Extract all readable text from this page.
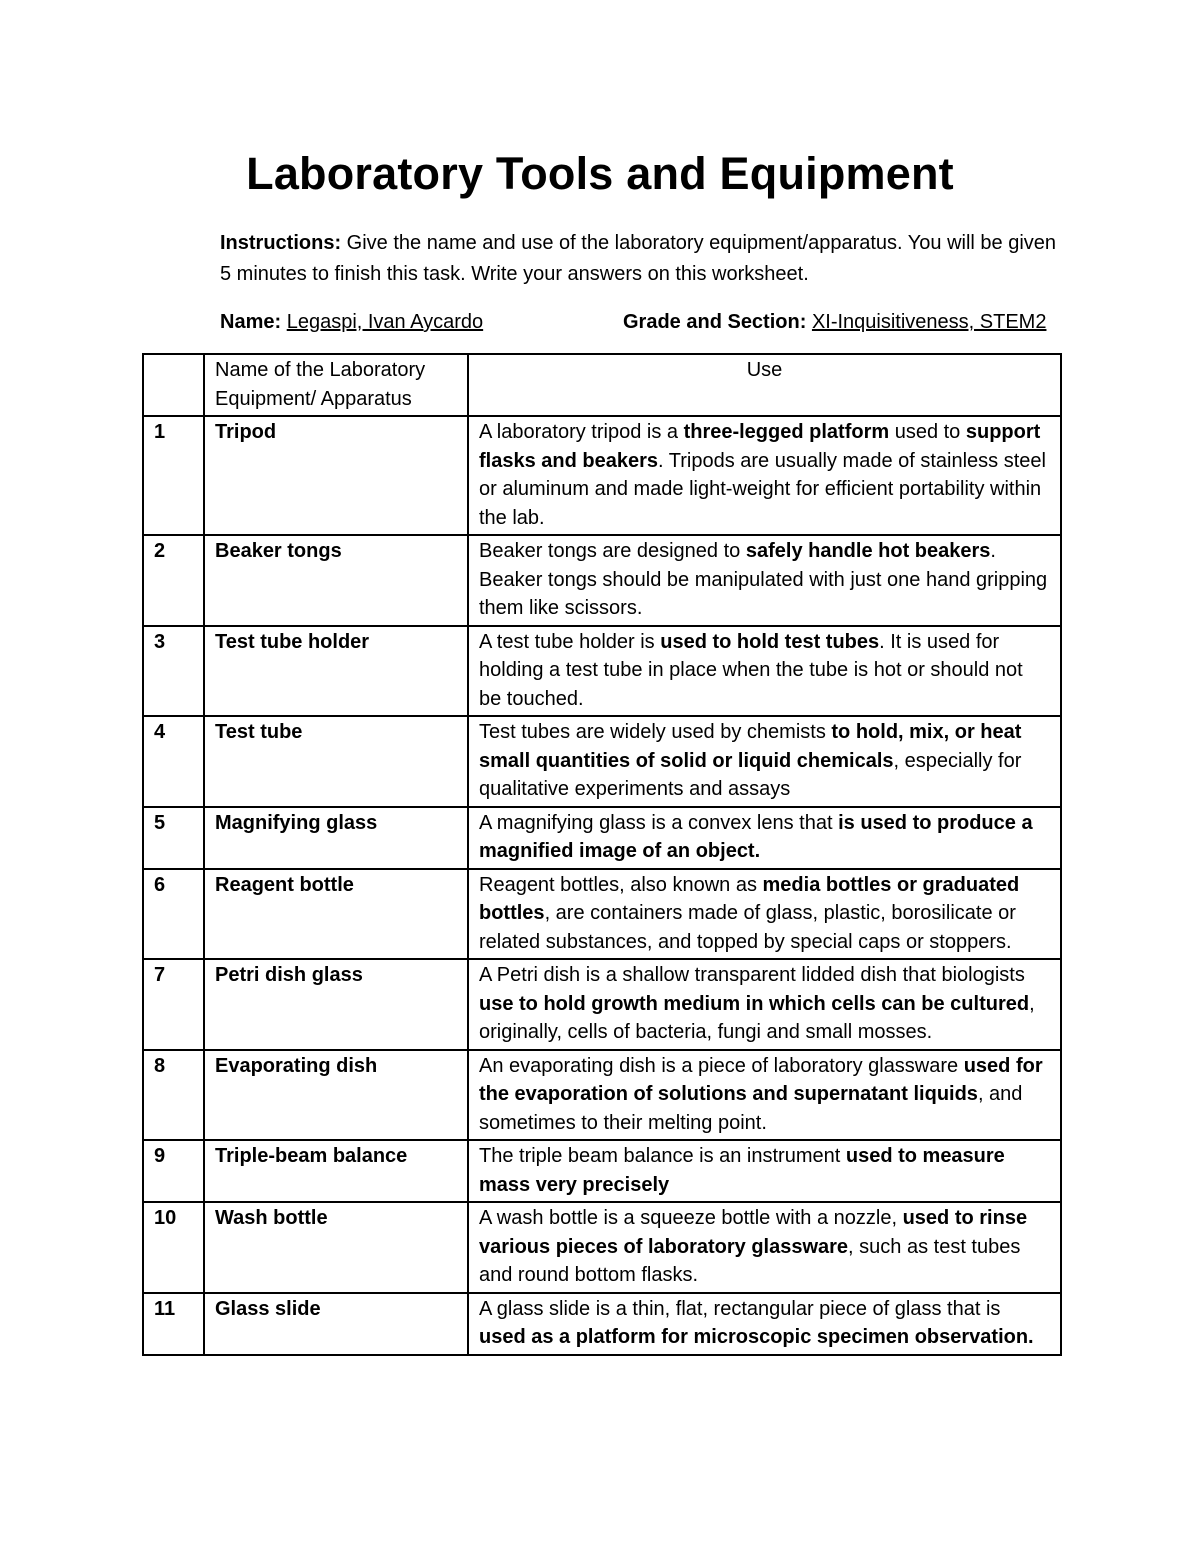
Laboratory Tools and Equipment
Instructions: Give the name and use of the laboratory equipment/apparatus. You will be given 5 minutes to finish this task. Write your answers on this worksheet.
Name: Legaspi, Ivan Aycardo	Grade and Section: XI-Inquisitiveness, STEM2
	Name of the Laboratory Equipment/ Apparatus	Use
1	Tripod	A laboratory tripod is a three-legged platform used to support flasks and beakers. Tripods are usually made of stainless steel or aluminum and made light-weight for efficient portability within the lab.
2	Beaker tongs	Beaker tongs are designed to safely handle hot beakers. Beaker tongs should be manipulated with just one hand gripping them like scissors.
3	Test tube holder	A test tube holder is used to hold test tubes. It is used for holding a test tube in place when the tube is hot or should not be touched.
4	Test tube	Test tubes are widely used by chemists to hold, mix, or heat small quantities of solid or liquid chemicals, especially for qualitative experiments and assays
5	Magnifying glass	A magnifying glass is a convex lens that is used to produce a magnified image of an object.
6	Reagent bottle	Reagent bottles, also known as media bottles or graduated bottles, are containers made of glass, plastic, borosilicate or related substances, and topped by special caps or stoppers.
7	Petri dish glass	A Petri dish is a shallow transparent lidded dish that biologists use to hold growth medium in which cells can be cultured, originally, cells of bacteria, fungi and small mosses.
8	Evaporating dish	An evaporating dish is a piece of laboratory glassware used for the evaporation of solutions and supernatant liquids, and sometimes to their melting point.
9	Triple-beam balance	The triple beam balance is an instrument used to measure mass very precisely
10	Wash bottle	A wash bottle is a squeeze bottle with a nozzle, used to rinse various pieces of laboratory glassware, such as test tubes and round bottom flasks.
11	Glass slide	A glass slide is a thin, flat, rectangular piece of glass that is used as a platform for microscopic specimen observation.
